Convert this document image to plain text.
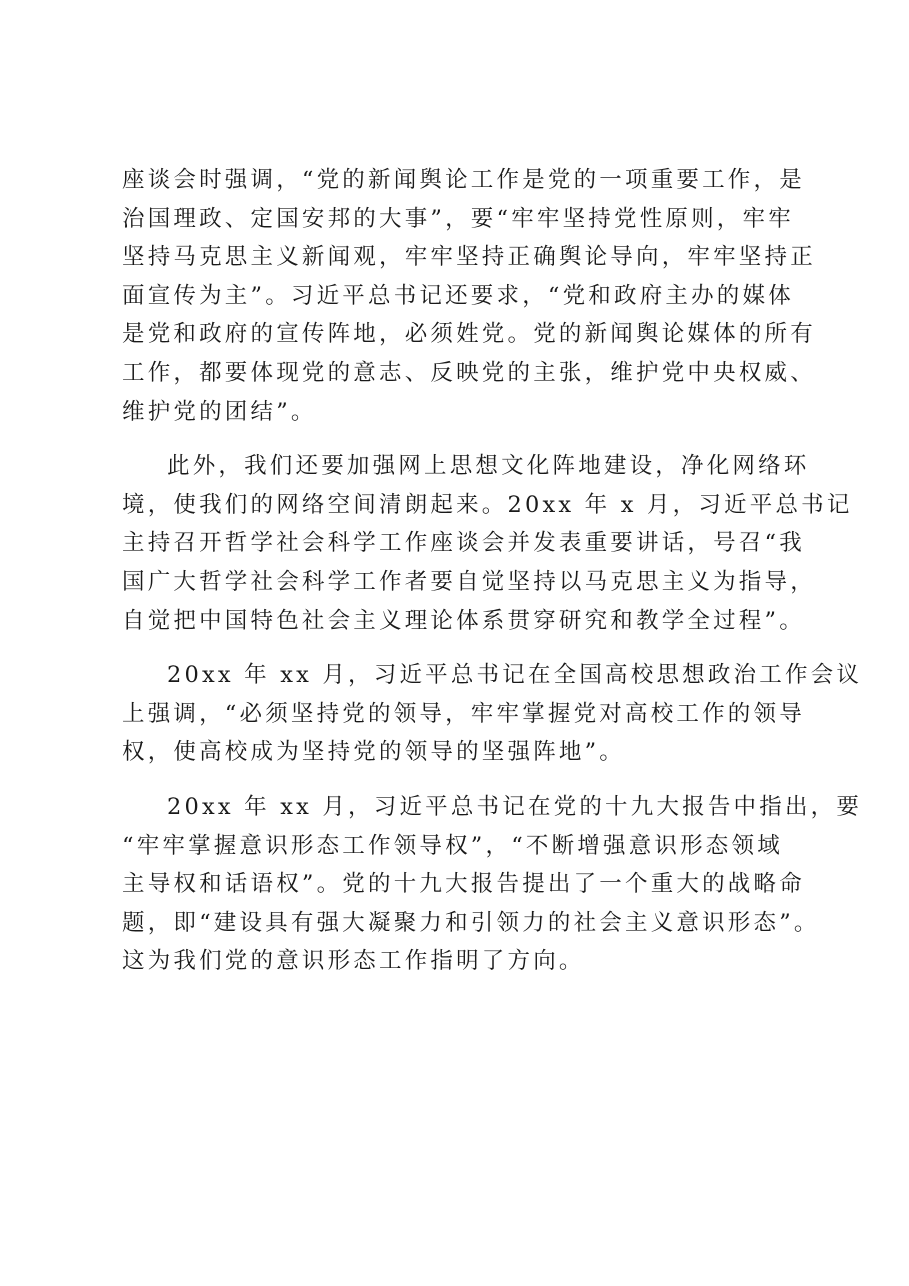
座谈会时强调，“党的新闻舆论工作是党的一项重要工作，是
治国理政、定国安邦的大事”，要“牢牢坚持党性原则，牢牢
坚持马克思主义新闻观，牢牢坚持正确舆论导向，牢牢坚持正
面宣传为主”。习近平总书记还要求，“党和政府主办的媒体
是党和政府的宣传阵地，必须姓党。党的新闻舆论媒体的所有
工作，都要体现党的意志、反映党的主张，维护党中央权威、
维护党的团结”。
此外，我们还要加强网上思想文化阵地建设，净化网络环
境，使我们的网络空间清朗起来。20xx 年 x 月，习近平总书记
主持召开哲学社会科学工作座谈会并发表重要讲话，号召“我
国广大哲学社会科学工作者要自觉坚持以马克思主义为指导，
自觉把中国特色社会主义理论体系贯穿研究和教学全过程”。
20xx 年 xx 月，习近平总书记在全国高校思想政治工作会议
上强调，“必须坚持党的领导，牢牢掌握党对高校工作的领导
权，使高校成为坚持党的领导的坚强阵地”。
20xx 年 xx 月，习近平总书记在党的十九大报告中指出，要
“牢牢掌握意识形态工作领导权”，“不断增强意识形态领域
主导权和话语权”。党的十九大报告提出了一个重大的战略命
题，即“建设具有强大凝聚力和引领力的社会主义意识形态”。
这为我们党的意识形态工作指明了方向。
